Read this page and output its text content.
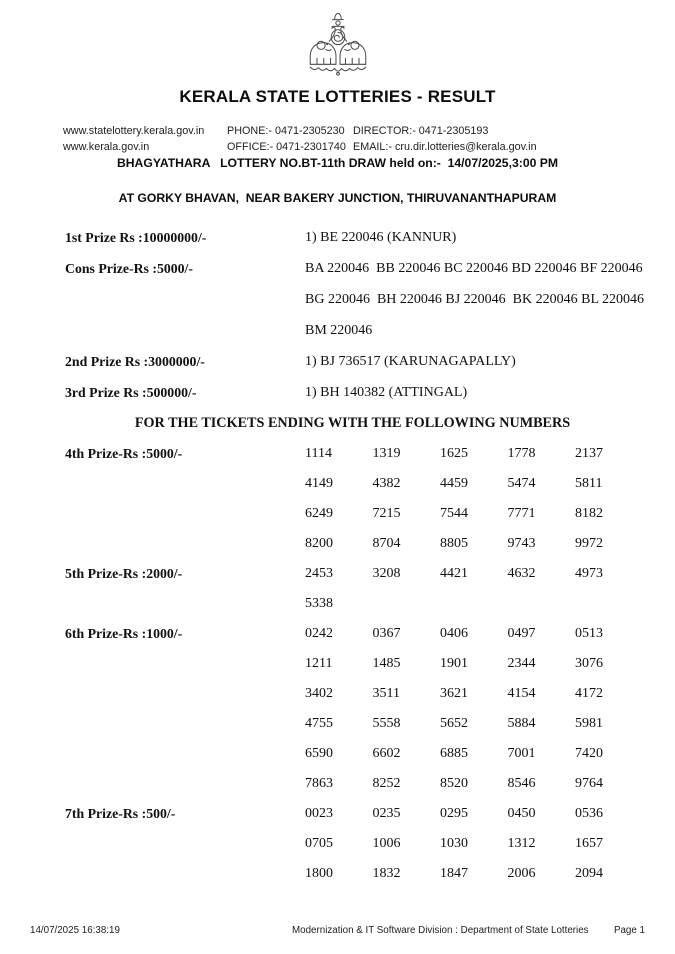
KERALA STATE LOTTERIES - RESULT
www.statelottery.kerala.gov.in	PHONE:- 0471-2305230 DIRECTOR:- 0471-2305193
www.kerala.gov.in	OFFICE:- 0471-2301740 EMAIL:- cru.dir.lotteries@kerala.gov.in
BHAGYATHARA   LOTTERY NO.BT-11th DRAW held on:-  14/07/2025,3:00 PM
AT GORKY BHAVAN,  NEAR BAKERY JUNCTION, THIRUVANANTHAPURAM
1st Prize Rs :10000000/-	1) BE 220046 (KANNUR)
Cons Prize-Rs :5000/-	BA 220046  BB 220046 BC 220046 BD 220046 BF 220046
BG 220046  BH 220046 BJ 220046  BK 220046 BL 220046
BM 220046
2nd Prize Rs :3000000/-	1) BJ 736517 (KARUNAGAPALLY)
3rd Prize Rs :500000/-	1) BH 140382 (ATTINGAL)
FOR THE TICKETS ENDING WITH THE FOLLOWING NUMBERS
4th Prize-Rs :5000/-	1114	1319	1625	1778	2137
4149	4382	4459	5474	5811
6249	7215	7544	7771	8182
8200	8704	8805	9743	9972
5th Prize-Rs :2000/-	2453	3208	4421	4632	4973
5338
6th Prize-Rs :1000/-	0242	0367	0406	0497	0513
1211	1485	1901	2344	3076
3402	3511	3621	4154	4172
4755	5558	5652	5884	5981
6590	6602	6885	7001	7420
7863	8252	8520	8546	9764
7th Prize-Rs :500/-	0023	0235	0295	0450	0536
0705	1006	1030	1312	1657
1800	1832	1847	2006	2094
14/07/2025 16:38:19	Modernization & IT Software Division : Department of State Lotteries	Page 1
